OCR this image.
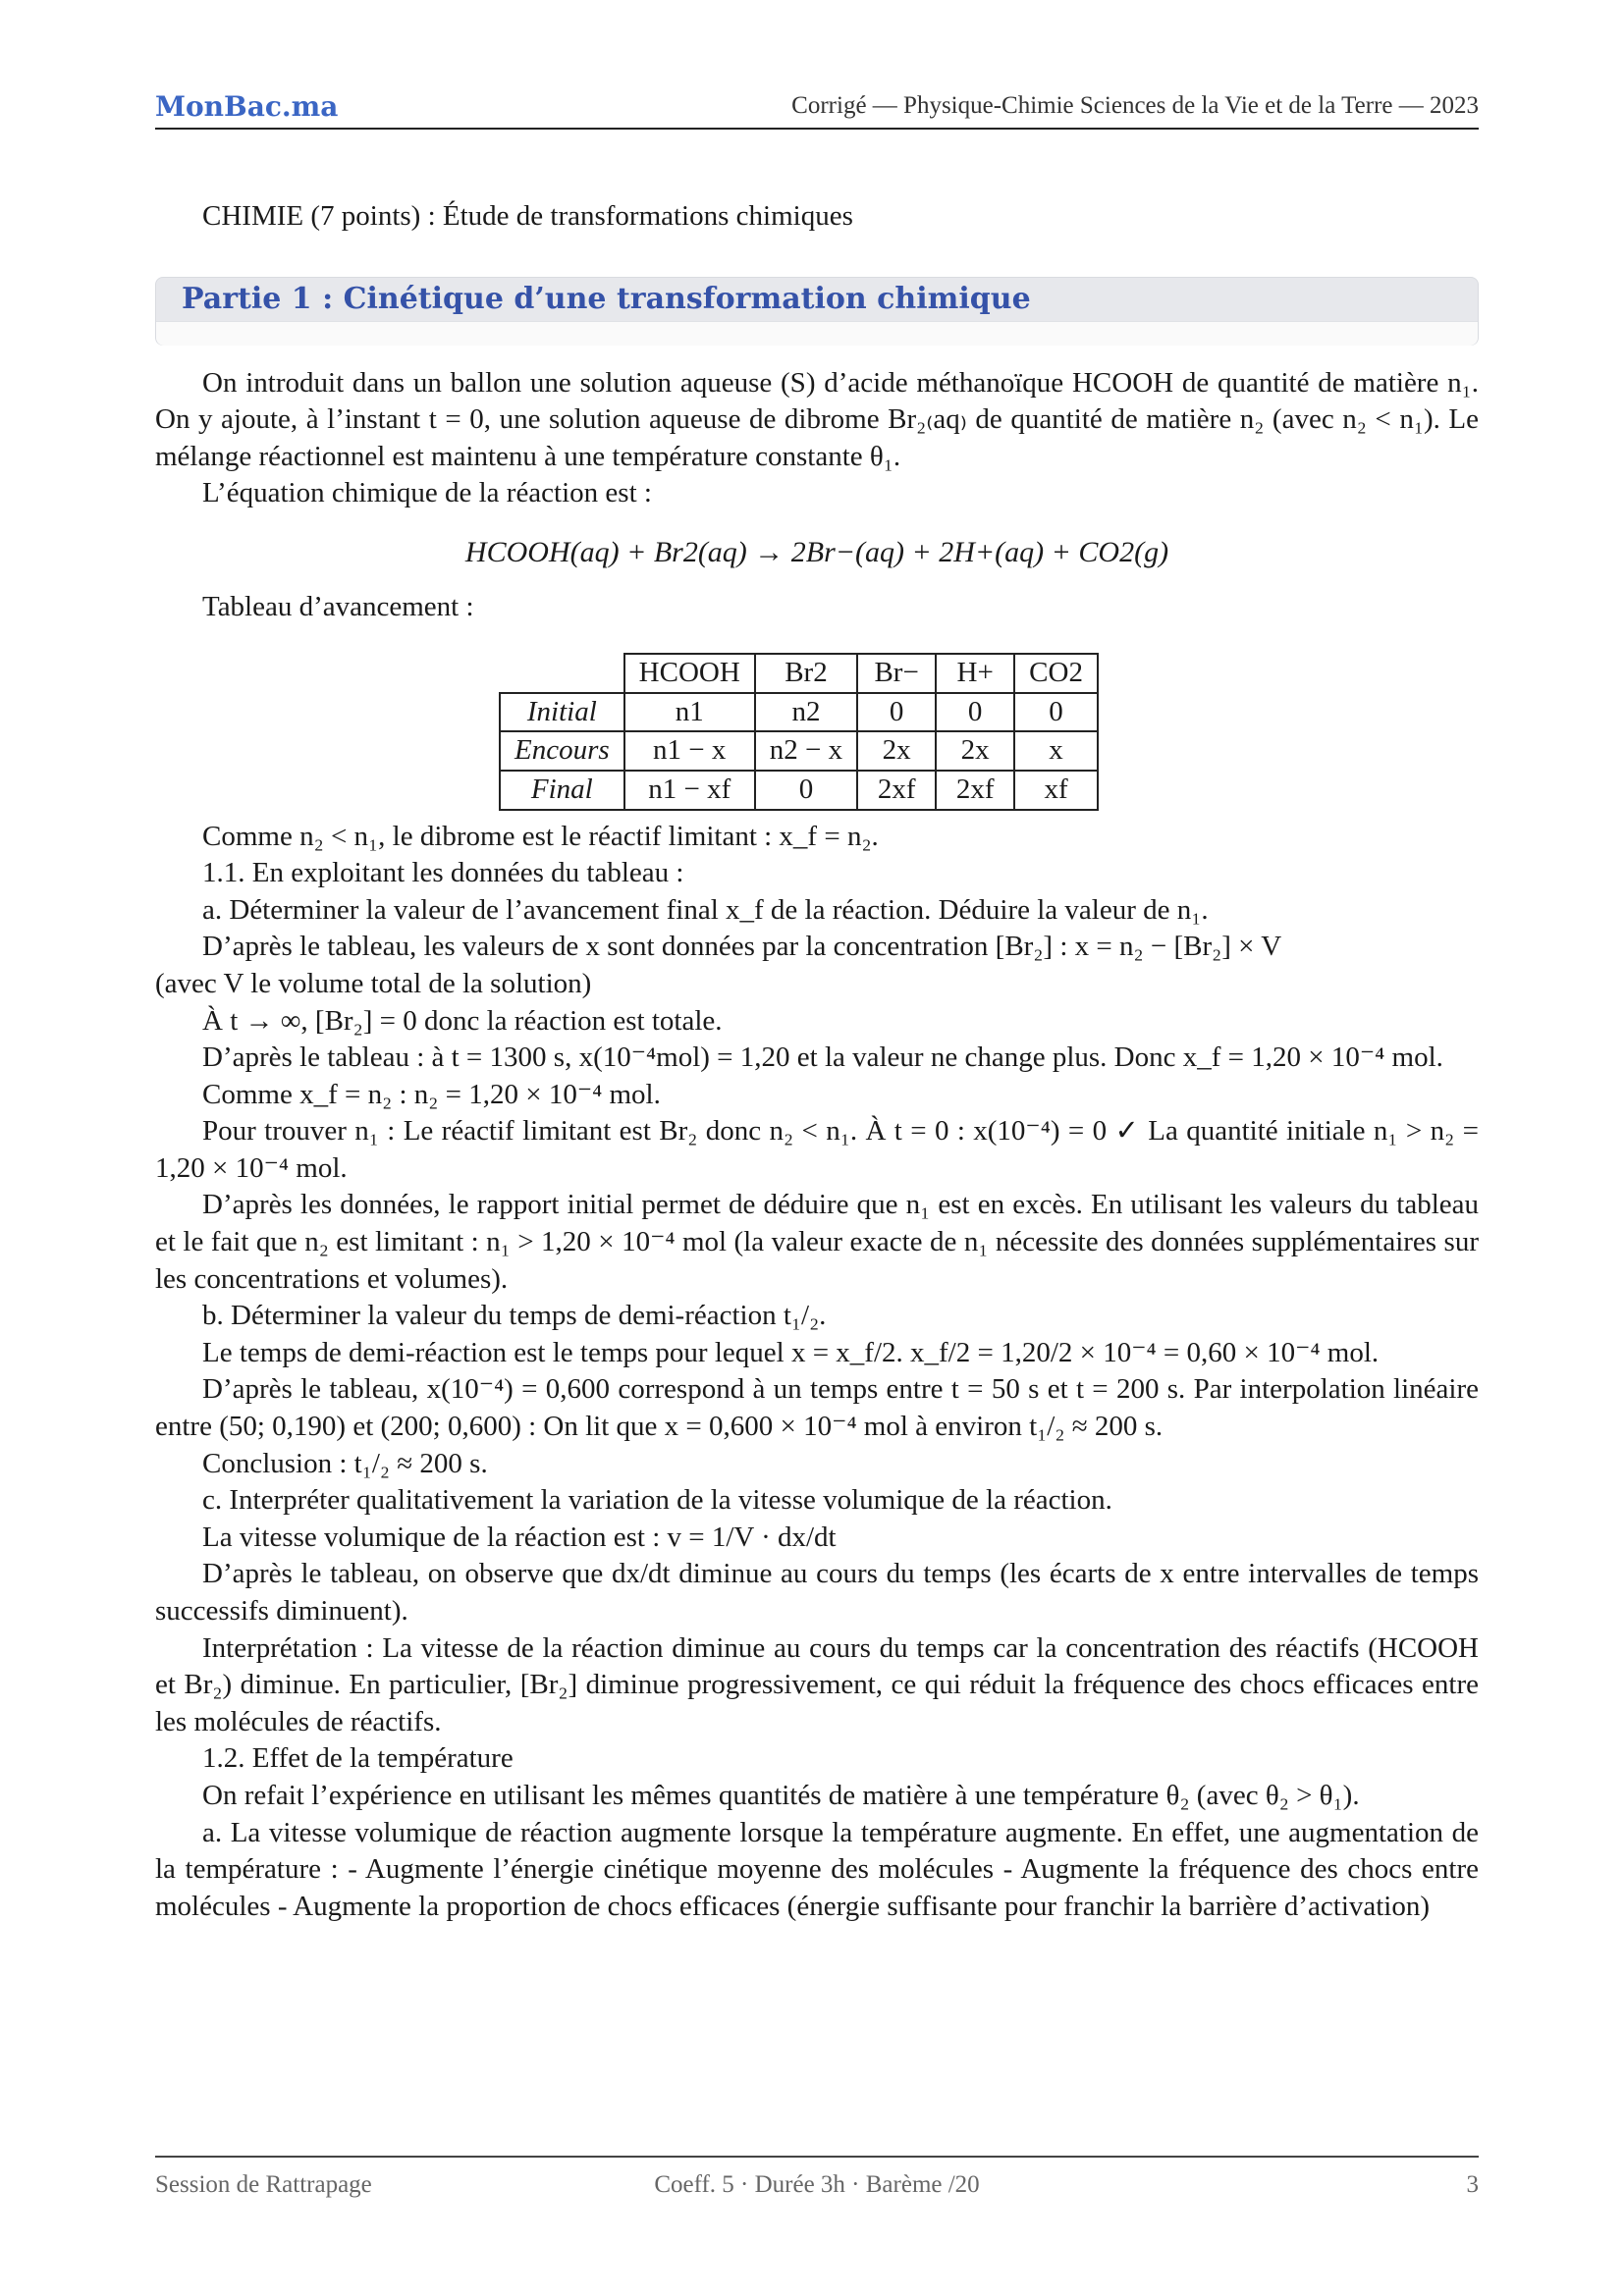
MonBac.ma	Corrigé — Physique-Chimie Sciences de la Vie et de la Terre — 2023
CHIMIE (7 points) : Étude de transformations chimiques
Partie 1 : Cinétique d’une transformation chimique

On introduit dans un ballon une solution aqueuse (S) d’acide méthanoïque HCOOH de quantité de matière n₁. On y ajoute, à l’instant t = 0, une solution aqueuse de dibrome Br₂₍aq₎ de quantité de matière n₂ (avec n₂ < n₁). Le mélange réactionnel est maintenu à une température constante θ₁.

L’équation chimique de la réaction est :

HCOOH(aq) + Br2(aq) → 2Br−(aq) + 2H+(aq) + CO2(g)

Tableau d’avancement :

	HCOOH	Br2	Br−	H+	CO2
Initial	n1	n2	0	0	0
Encours	n1 − x	n2 − x	2x	2x	x
Final	n1 − xf	0	2xf	2xf	xf

Comme n₂ < n₁, le dibrome est le réactif limitant : x_f = n₂.

1.1. En exploitant les données du tableau :

a. Déterminer la valeur de l’avancement final x_f de la réaction. Déduire la valeur de n₁.

D’après le tableau, les valeurs de x sont données par la concentration [Br₂] : x = n₂ − [Br₂] × V

(avec V le volume total de la solution)

À t → ∞, [Br₂] = 0 donc la réaction est totale.

D’après le tableau : à t = 1300 s, x(10⁻⁴mol) = 1,20 et la valeur ne change plus. Donc x_f = 1,20 × 10⁻⁴ mol.

Comme x_f = n₂ : n₂ = 1,20 × 10⁻⁴ mol.

Pour trouver n₁ : Le réactif limitant est Br₂ donc n₂ < n₁. À t = 0 : x(10⁻⁴) = 0 ✓ La quantité initiale n₁ > n₂ = 1,20 × 10⁻⁴ mol.

D’après les données, le rapport initial permet de déduire que n₁ est en excès. En utilisant les valeurs du tableau et le fait que n₂ est limitant : n₁ > 1,20 × 10⁻⁴ mol (la valeur exacte de n₁ nécessite des données supplémentaires sur les concentrations et volumes).

b. Déterminer la valeur du temps de demi-réaction t₁/₂.

Le temps de demi-réaction est le temps pour lequel x = x_f/2. x_f/2 = 1,20/2 × 10⁻⁴ = 0,60 × 10⁻⁴ mol.

D’après le tableau, x(10⁻⁴) = 0,600 correspond à un temps entre t = 50 s et t = 200 s. Par interpolation linéaire entre (50; 0,190) et (200; 0,600) : On lit que x = 0,600 × 10⁻⁴ mol à environ t₁/₂ ≈ 200 s.

Conclusion : t₁/₂ ≈ 200 s.

c. Interpréter qualitativement la variation de la vitesse volumique de la réaction.

La vitesse volumique de la réaction est : v = 1/V · dx/dt

D’après le tableau, on observe que dx/dt diminue au cours du temps (les écarts de x entre intervalles de temps successifs diminuent).

Interprétation : La vitesse de la réaction diminue au cours du temps car la concentration des réactifs (HCOOH et Br₂) diminue. En particulier, [Br₂] diminue progressivement, ce qui réduit la fréquence des chocs efficaces entre les molécules de réactifs.

1.2. Effet de la température

On refait l’expérience en utilisant les mêmes quantités de matière à une température θ₂ (avec θ₂ > θ₁).

a. La vitesse volumique de réaction augmente lorsque la température augmente. En effet, une augmentation de la température : - Augmente l’énergie cinétique moyenne des molécules - Augmente la fréquence des chocs entre molécules - Augmente la proportion de chocs efficaces (énergie suffisante pour franchir la barrière d’activation)

Session de Rattrapage	Coeff. 5 · Durée 3h · Barème /20	3
